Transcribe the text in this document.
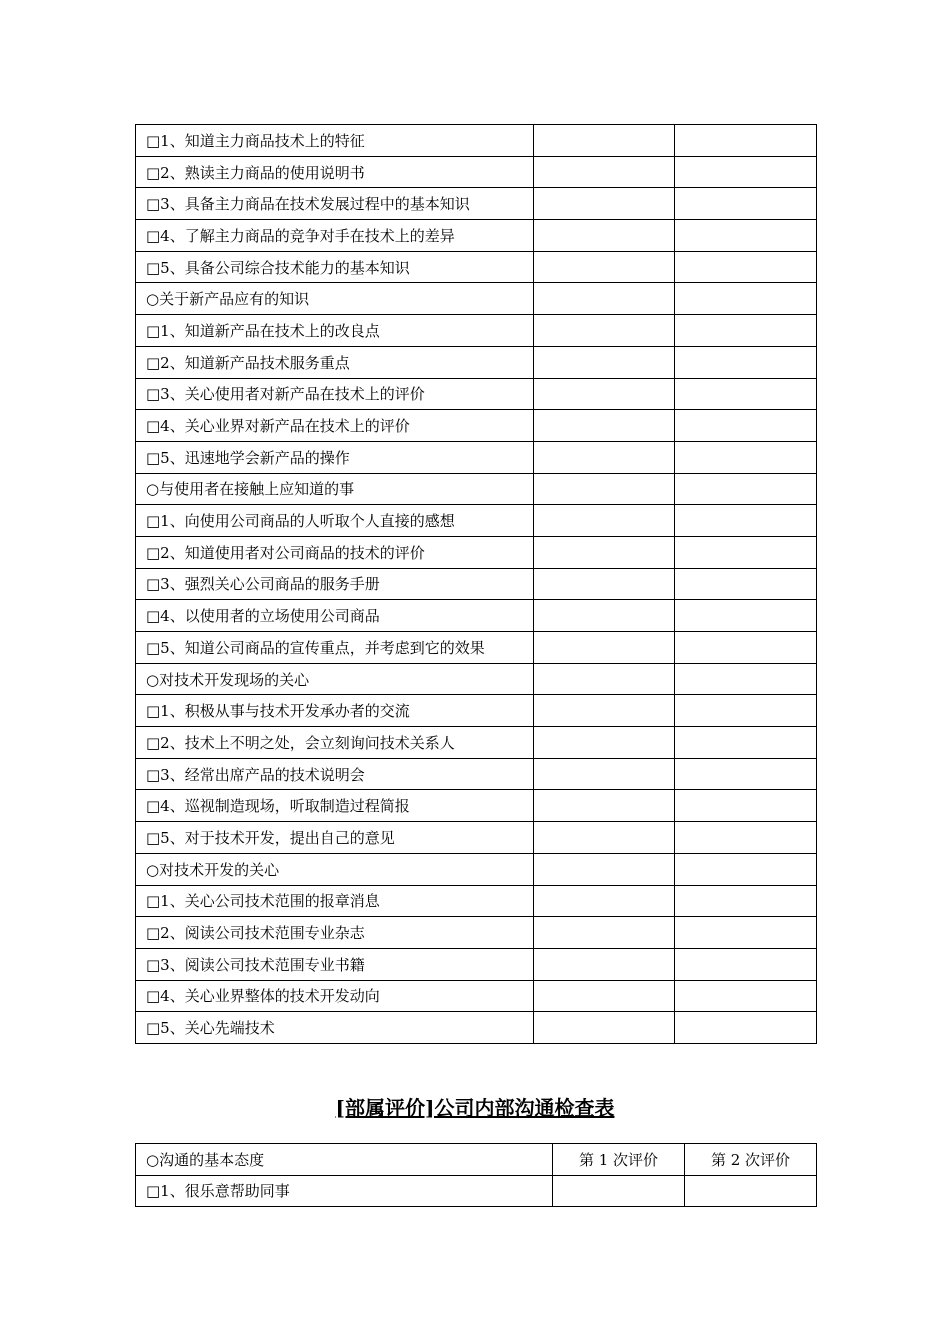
□1、知道主力商品技术上的特征		
□2、熟读主力商品的使用说明书		
□3、具备主力商品在技术发展过程中的基本知识		
□4、了解主力商品的竞争对手在技术上的差异		
□5、具备公司综合技术能力的基本知识		
○关于新产品应有的知识		
□1、知道新产品在技术上的改良点		
□2、知道新产品技术服务重点		
□3、关心使用者对新产品在技术上的评价		
□4、关心业界对新产品在技术上的评价		
□5、迅速地学会新产品的操作		
○与使用者在接触上应知道的事		
□1、向使用公司商品的人听取个人直接的感想		
□2、知道使用者对公司商品的技术的评价		
□3、强烈关心公司商品的服务手册		
□4、以使用者的立场使用公司商品		
□5、知道公司商品的宣传重点，并考虑到它的效果		
○对技术开发现场的关心		
□1、积极从事与技术开发承办者的交流		
□2、技术上不明之处，会立刻询问技术关系人		
□3、经常出席产品的技术说明会		
□4、巡视制造现场，听取制造过程简报		
□5、对于技术开发，提出自己的意见		
○对技术开发的关心		
□1、关心公司技术范围的报章消息		
□2、阅读公司技术范围专业杂志		
□3、阅读公司技术范围专业书籍		
□4、关心业界整体的技术开发动向		
□5、关心先端技术		
[部属评价]公司内部沟通检查表
○沟通的基本态度	第 1 次评价	第 2 次评价
□1、很乐意帮助同事		
